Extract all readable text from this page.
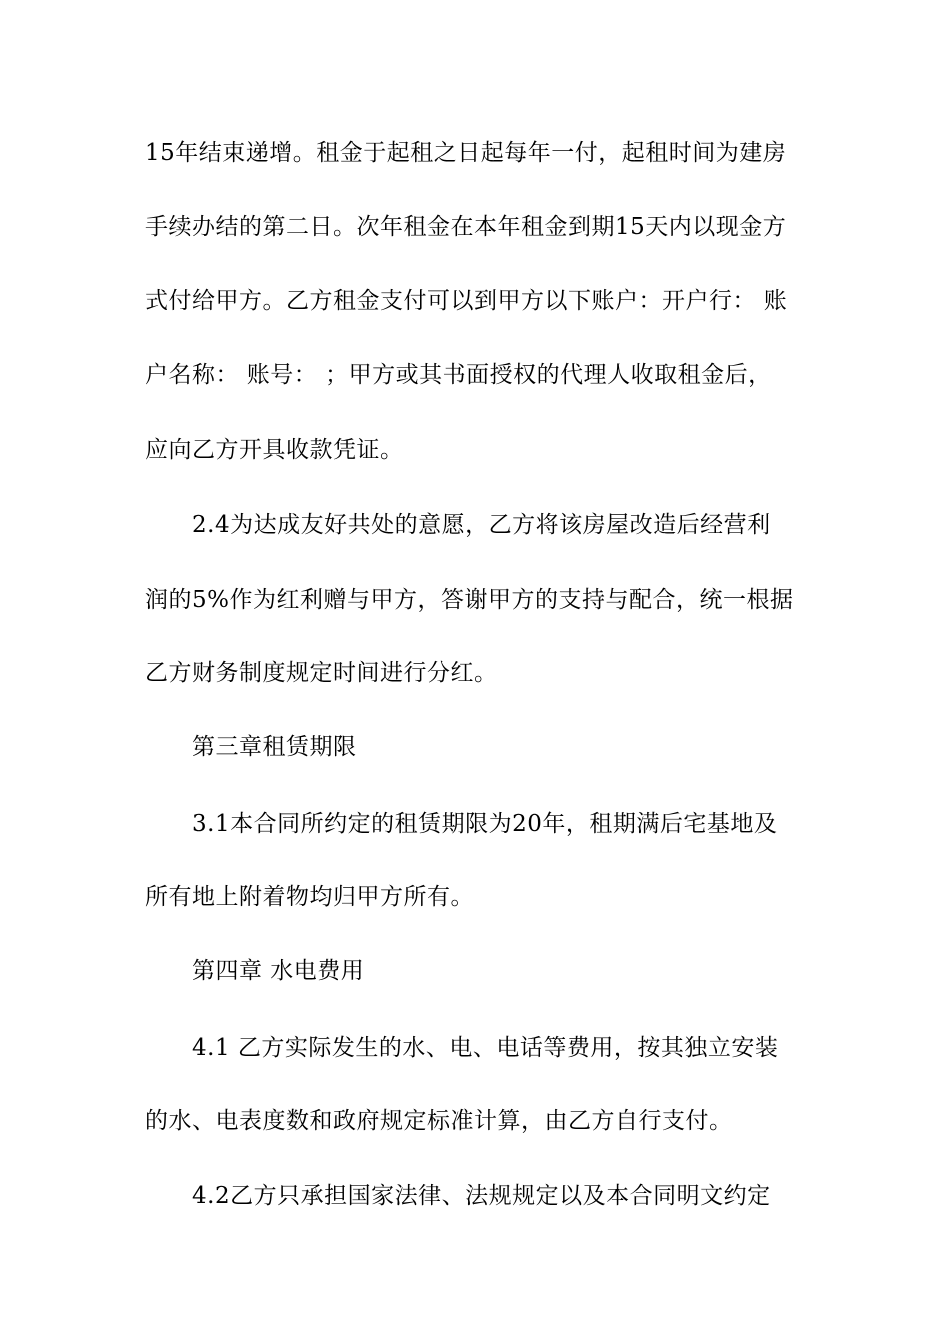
15年结束递增。租金于起租之日起每年一付，起租时间为建房
手续办结的第二日。次年租金在本年租金到期15天内以现金方
式付给甲方。乙方租金支付可以到甲方以下账户：开户行： 账
户名称： 账号： ；甲方或其书面授权的代理人收取租金后，
应向乙方开具收款凭证。
2.4为达成友好共处的意愿，乙方将该房屋改造后经营利
润的5%作为红利赠与甲方，答谢甲方的支持与配合，统一根据
乙方财务制度规定时间进行分红。
第三章租赁期限
3.1本合同所约定的租赁期限为20年，租期满后宅基地及
所有地上附着物均归甲方所有。
第四章 水电费用
4.1 乙方实际发生的水、电、电话等费用，按其独立安装
的水、电表度数和政府规定标准计算，由乙方自行支付。
4.2乙方只承担国家法律、法规规定以及本合同明文约定
